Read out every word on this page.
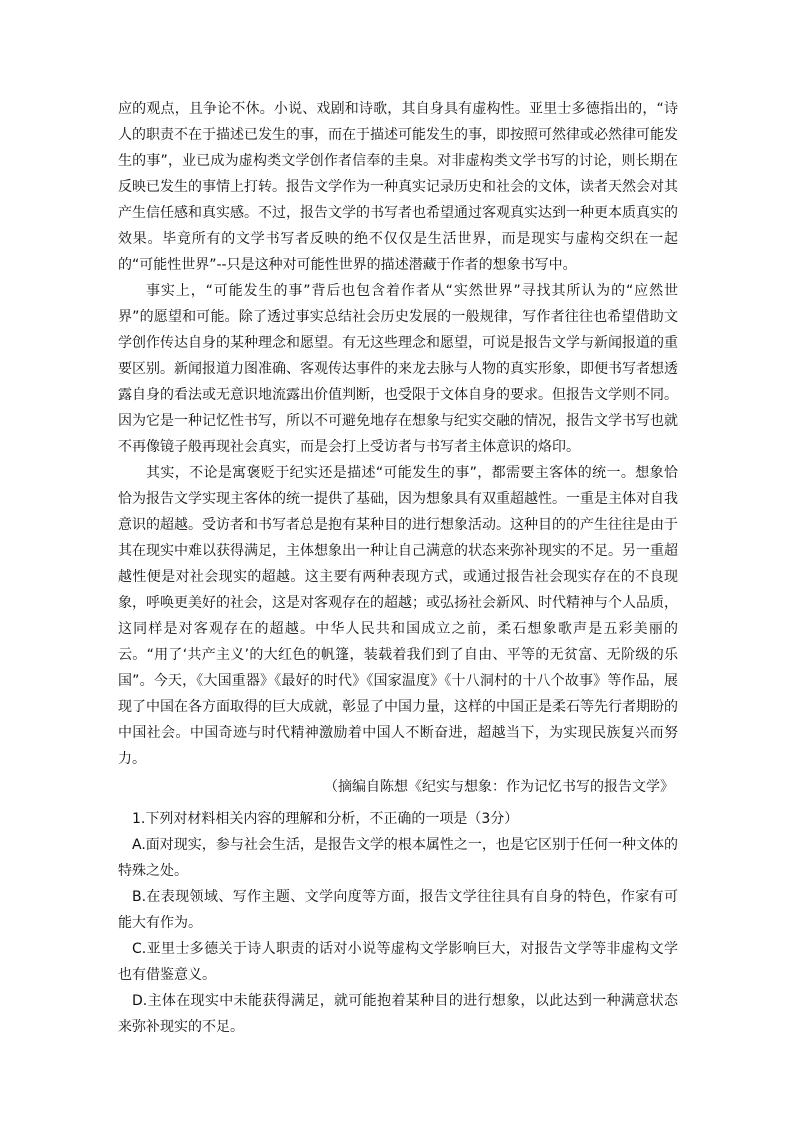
应的观点，且争论不休。小说、戏剧和诗歌，其自身具有虚构性。亚里士多德指出的，“诗人的职责不在于描述已发生的事，而在于描述可能发生的事，即按照可然律或必然律可能发生的事”，业已成为虚构类文学创作者信奉的圭臬。对非虚构类文学书写的讨论，则长期在反映已发生的事情上打转。报告文学作为一种真实记录历史和社会的文体，读者天然会对其产生信任感和真实感。不过，报告文学的书写者也希望通过客观真实达到一种更本质真实的效果。毕竟所有的文学书写者反映的绝不仅仅是生活世界，而是现实与虚构交织在一起的“可能性世界”--只是这种对可能性世界的描述潜藏于作者的想象书写中。

事实上，“可能发生的事”背后也包含着作者从“实然世界”寻找其所认为的“应然世界”的愿望和可能。除了透过事实总结社会历史发展的一般规律，写作者往往也希望借助文学创作传达自身的某种理念和愿望。有无这些理念和愿望，可说是报告文学与新闻报道的重要区别。新闻报道力图准确、客观传达事件的来龙去脉与人物的真实形象，即便书写者想透露自身的看法或无意识地流露出价值判断，也受限于文体自身的要求。但报告文学则不同。因为它是一种记忆性书写，所以不可避免地存在想象与纪实交融的情况，报告文学书写也就不再像镜子般再现社会真实，而是会打上受访者与书写者主体意识的烙印。

其实，不论是寓褒贬于纪实还是描述“可能发生的事”，都需要主客体的统一。想象恰恰为报告文学实现主客体的统一提供了基础，因为想象具有双重超越性。一重是主体对自我意识的超越。受访者和书写者总是抱有某种目的进行想象活动。这种目的的产生往往是由于其在现实中难以获得满足，主体想象出一种让自己满意的状态来弥补现实的不足。另一重超越性便是对社会现实的超越。这主要有两种表现方式，或通过报告社会现实存在的不良现象，呼唤更美好的社会，这是对客观存在的超越；或弘扬社会新风、时代精神与个人品质，这同样是对客观存在的超越。中华人民共和国成立之前，柔石想象歌声是五彩美丽的云。“用了‘共产主义’的大红色的帆篷，装载着我们到了自由、平等的无贫富、无阶级的乐国”。今天，《大国重器》《最好的时代》《国家温度》《十八洞村的十八个故事》等作品，展现了中国在各方面取得的巨大成就，彰显了中国力量，这样的中国正是柔石等先行者期盼的中国社会。中国奇迹与时代精神激励着中国人不断奋进，超越当下，为实现民族复兴而努力。

（摘编自陈想《纪实与想象：作为记忆书写的报告文学》

1.下列对材料相关内容的理解和分析，不正确的一项是（3分）

A.面对现实，参与社会生活，是报告文学的根本属性之一，也是它区别于任何一种文体的特殊之处。

B.在表现领域、写作主题、文学向度等方面，报告文学往往具有自身的特色，作家有可能大有作为。

C.亚里士多德关于诗人职责的话对小说等虚构文学影响巨大，对报告文学等非虚构文学也有借鉴意义。

D.主体在现实中未能获得满足，就可能抱着某种目的进行想象，以此达到一种满意状态来弥补现实的不足。
